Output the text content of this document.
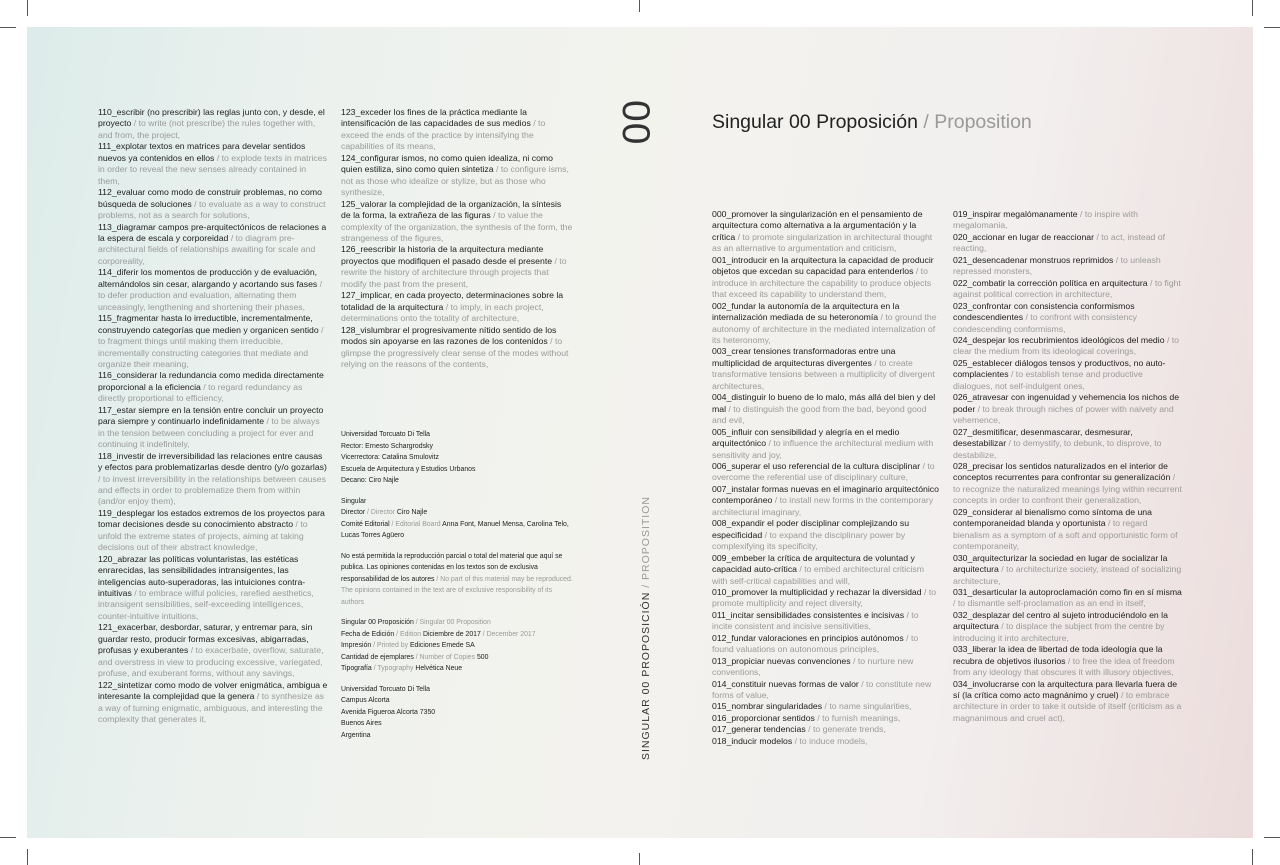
110_escribir (no prescribir) las reglas junto con, y desde, el proyecto / to write (not prescribe) the rules together with, and from, the project,

111_explotar textos en matrices para develar sentidos nuevos ya contenidos en ellos / to explode texts in matrices in order to reveal the new senses already contained in them,

112_evaluar como modo de construir problemas, no como búsqueda de soluciones / to evaluate as a way to construct problems, not as a search for solutions,

113_diagramar campos pre-arquitectónicos de relaciones a la espera de escala y corporeidad / to diagram pre-architectural fields of relationships awaiting for scale and corporeality,

114_diferir los momentos de producción y de evaluación, alternándolos sin cesar, alargando y acortando sus fases / to defer production and evaluation, alternating them unceasingly, lengthening and shortening their phases,

115_fragmentar hasta lo irreductible, incrementalmente, construyendo categorías que medien y organicen sentido / to fragment things until making them irreducible, incrementally constructing categories that mediate and organize their meaning,

116_considerar la redundancia como medida directamente proporcional a la eficiencia / to regard redundancy as directly proportional to efficiency,

117_estar siempre en la tensión entre concluir un proyecto para siempre y continuarlo indefinidamente / to be always in the tension between concluding a project for ever and continuing it indefinitely,

118_investir de irreversibilidad las relaciones entre causas y efectos para problematizarlas desde dentro (y/o gozarlas) / to invest irreversibility in the relationships between causes and effects in order to problematize them from within (and/or enjoy them),

119_desplegar los estados extremos de los proyectos para tomar decisiones desde su conocimiento abstracto / to unfold the extreme states of projects, aiming at taking decisions out of their abstract knowledge,

120_abrazar las políticas voluntaristas, las estéticas enrarecidas, las sensibilidades intransigentes, las inteligencias auto-superadoras, las intuiciones contra-intuitivas / to embrace wilful policies, rarefied aesthetics, intransigent sensibilities, self-exceeding intelligences, counter-intuitive intuitions,

121_exacerbar, desbordar, saturar, y entremar para, sin guardar resto, producir formas excesivas, abigarradas, profusas y exuberantes / to exacerbate, overflow, saturate, and overstress in view to producing excessive, variegated, profuse, and exuberant forms, without any savings,

122_sintetizar como modo de volver enigmática, ambigua e interesante la complejidad que la genera / to synthesize as a way of turning enigmatic, ambiguous, and interesting the complexity that generates it,

123_exceder los fines de la práctica mediante la intensificación de las capacidades de sus medios / to exceed the ends of the practice by intensifying the capabilities of its means,

124_configurar ismos, no como quien idealiza, ni como quien estiliza, sino como quien sintetiza / to configure isms, not as those who idealize or stylize, but as those who synthesize,

125_valorar la complejidad de la organización, la síntesis de la forma, la extrañeza de las figuras / to value the complexity of the organization, the synthesis of the form, the strangeness of the figures,

126_reescribir la historia de la arquitectura mediante proyectos que modifiquen el pasado desde el presente / to rewrite the history of architecture through projects that modify the past from the present,

127_implicar, en cada proyecto, determinaciones sobre la totalidad de la arquitectura / to imply, in each project, determinations onto the totality of architecture,

128_vislumbrar el progresivamente nítido sentido de los modos sin apoyarse en las razones de los contenidos / to glimpse the progressively clear sense of the modes without relying on the reasons of the contents,

Universidad Torcuato Di Tella
Rector: Ernesto Schargrodsky
Vicerrectora: Catalina Smulovitz
Escuela de Arquitectura y Estudios Urbanos
Decano: Ciro Najle

Singular
Director / Director Ciro Najle
Comité Editorial / Editorial Board Anna Font, Manuel Mensa, Carolina Telo, Lucas Torres Agüero

No está permitida la reproducción parcial o total del material que aquí se publica. Las opiniones contenidas en los textos son de exclusiva responsabilidad de los autores / No part of this material may be reproduced. The opinions contained in the text are of exclusive responsibility of its authors

Singular 00 Proposición / Singular 00 Proposition
Fecha de Edición / Edition Diciembre de 2017 / December 2017
Impresión / Printed by Ediciones Emede SA
Cantidad de ejemplares / Number of Copies 500
Tipografía / Typography Helvética Neue

Universidad Torcuato Di Tella
Campus Alcorta
Avenida Figueroa Alcorta 7350
Buenos Aires
Argentina

00
SINGULAR 00 PROPOSICIÓN / PROPOSITION
Singular 00 Proposición / Proposition

000_promover la singularización en el pensamiento de arquitectura como alternativa a la argumentación y la crítica / to promote singularization in architectural thought as an alternative to argumentation and criticism,

001_introducir en la arquitectura la capacidad de producir objetos que excedan su capacidad para entenderlos / to introduce in architecture the capability to produce objects that exceed its capability to understand them,

002_fundar la autonomía de la arquitectura en la internalización mediada de su heteronomía / to ground the autonomy of architecture in the mediated internalization of its heteronomy,

003_crear tensiones transformadoras entre una multiplicidad de arquitecturas divergentes / to create transformative tensions between a multiplicity of divergent architectures,

004_distinguir lo bueno de lo malo, más allá del bien y del mal / to distinguish the good from the bad, beyond good and evil,

005_influir con sensibilidad y alegría en el medio arquitectónico / to influence the architectural medium with sensitivity and joy,

006_superar el uso referencial de la cultura disciplinar / to overcome the referential use of disciplinary culture,

007_instalar formas nuevas en el imaginario arquitectónico contemporáneo / to install new forms in the contemporary architectural imaginary,

008_expandir el poder disciplinar complejizando su especificidad / to expand the disciplinary power by complexifying its specificity,

009_embeber la crítica de arquitectura de voluntad y capacidad auto-crítica / to embed architectural criticism with self-critical capabilities and will,

010_promover la multiplicidad y rechazar la diversidad / to promote multiplicity and reject diversity,

011_incitar sensibilidades consistentes e incisivas / to incite consistent and incisive sensitivities,

012_fundar valoraciones en principios autónomos / to found valuations on autonomous principles,

013_propiciar nuevas convenciones / to nurture new conventions,

014_constituir nuevas formas de valor / to constitute new forms of value,

015_nombrar singularidades / to name singularities,

016_proporcionar sentidos / to furnish meanings,

017_generar tendencias / to generate trends,

018_inducir modelos / to induce models,

019_inspirar megalómanamente / to inspire with megalomania,

020_accionar en lugar de reaccionar / to act, instead of reacting,

021_desencadenar monstruos reprimidos / to unleash repressed monsters,

022_combatir la corrección política en arquitectura / to fight against political correction in architecture,

023_confrontar con consistencia conformismos condescendientes / to confront with consistency condescending conformisms,

024_despejar los recubrimientos ideológicos del medio / to clear the medium from its ideological coverings,

025_establecer diálogos tensos y productivos, no auto-complacientes / to establish tense and productive dialogues, not self-indulgent ones,

026_atravesar con ingenuidad y vehemencia los nichos de poder / to break through niches of power with naivety and vehemence,

027_desmitificar, desenmascarar, desmesurar, desestabilizar / to demystify, to debunk, to disprove, to destabilize,

028_precisar los sentidos naturalizados en el interior de conceptos recurrentes para confrontar su generalización / to recognize the naturalized meanings lying within recurrent concepts in order to confront their generalization,

029_considerar al bienalismo como síntoma de una contemporaneidad blanda y oportunista / to regard bienalism as a symptom of a soft and opportunistic form of contemporaneity,

030_arquitecturizar la sociedad en lugar de socializar la arquitectura / to architecturize society, instead of socializing architecture,

031_desarticular la autoproclamación como fin en sí misma / to dismantle self-proclamation as an end in itself,

032_desplazar del centro al sujeto introduciéndolo en la arquitectura / to displace the subject from the centre by introducing it into architecture,

033_liberar la idea de libertad de toda ideología que la recubra de objetivos ilusorios / to free the idea of freedom from any ideology that obscures it with illusory objectives,

034_involucrarse con la arquitectura para llevarla fuera de sí (la crítica como acto magnánimo y cruel) / to embrace architecture in order to take it outside of itself (criticism as a magnanimous and cruel act),
